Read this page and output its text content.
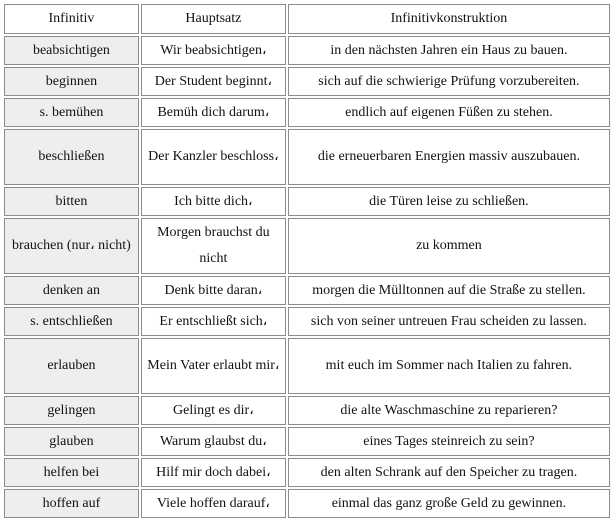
Infinitiv	Hauptsatz	Infinitivkonstruktion
beabsichtigen	Wir beabsichtigen،	in den nächsten Jahren ein Haus zu bauen.
beginnen	Der Student beginnt،	sich auf die schwierige Prüfung vorzubereiten.
s. bemühen	Bemüh dich darum،	endlich auf eigenen Füßen zu stehen.
beschließen	Der Kanzler beschloss،	die erneuerbaren Energien massiv auszubauen.
bitten	Ich bitte dich،	die Türen leise zu schließen.
brauchen (nur، nicht)	Morgen brauchst du nicht	zu kommen
denken an	Denk bitte daran،	morgen die Mülltonnen auf die Straße zu stellen.
s. entschließen	Er entschließt sich،	sich von seiner untreuen Frau scheiden zu lassen.
erlauben	Mein Vater erlaubt mir،	mit euch im Sommer nach Italien zu fahren.
gelingen	Gelingt es dir،	die alte Waschmaschine zu reparieren?
glauben	Warum glaubst du،	eines Tages steinreich zu sein?
helfen bei	Hilf mir doch dabei،	den alten Schrank auf den Speicher zu tragen.
hoffen auf	Viele hoffen darauf،	einmal das ganz große Geld zu gewinnen.
